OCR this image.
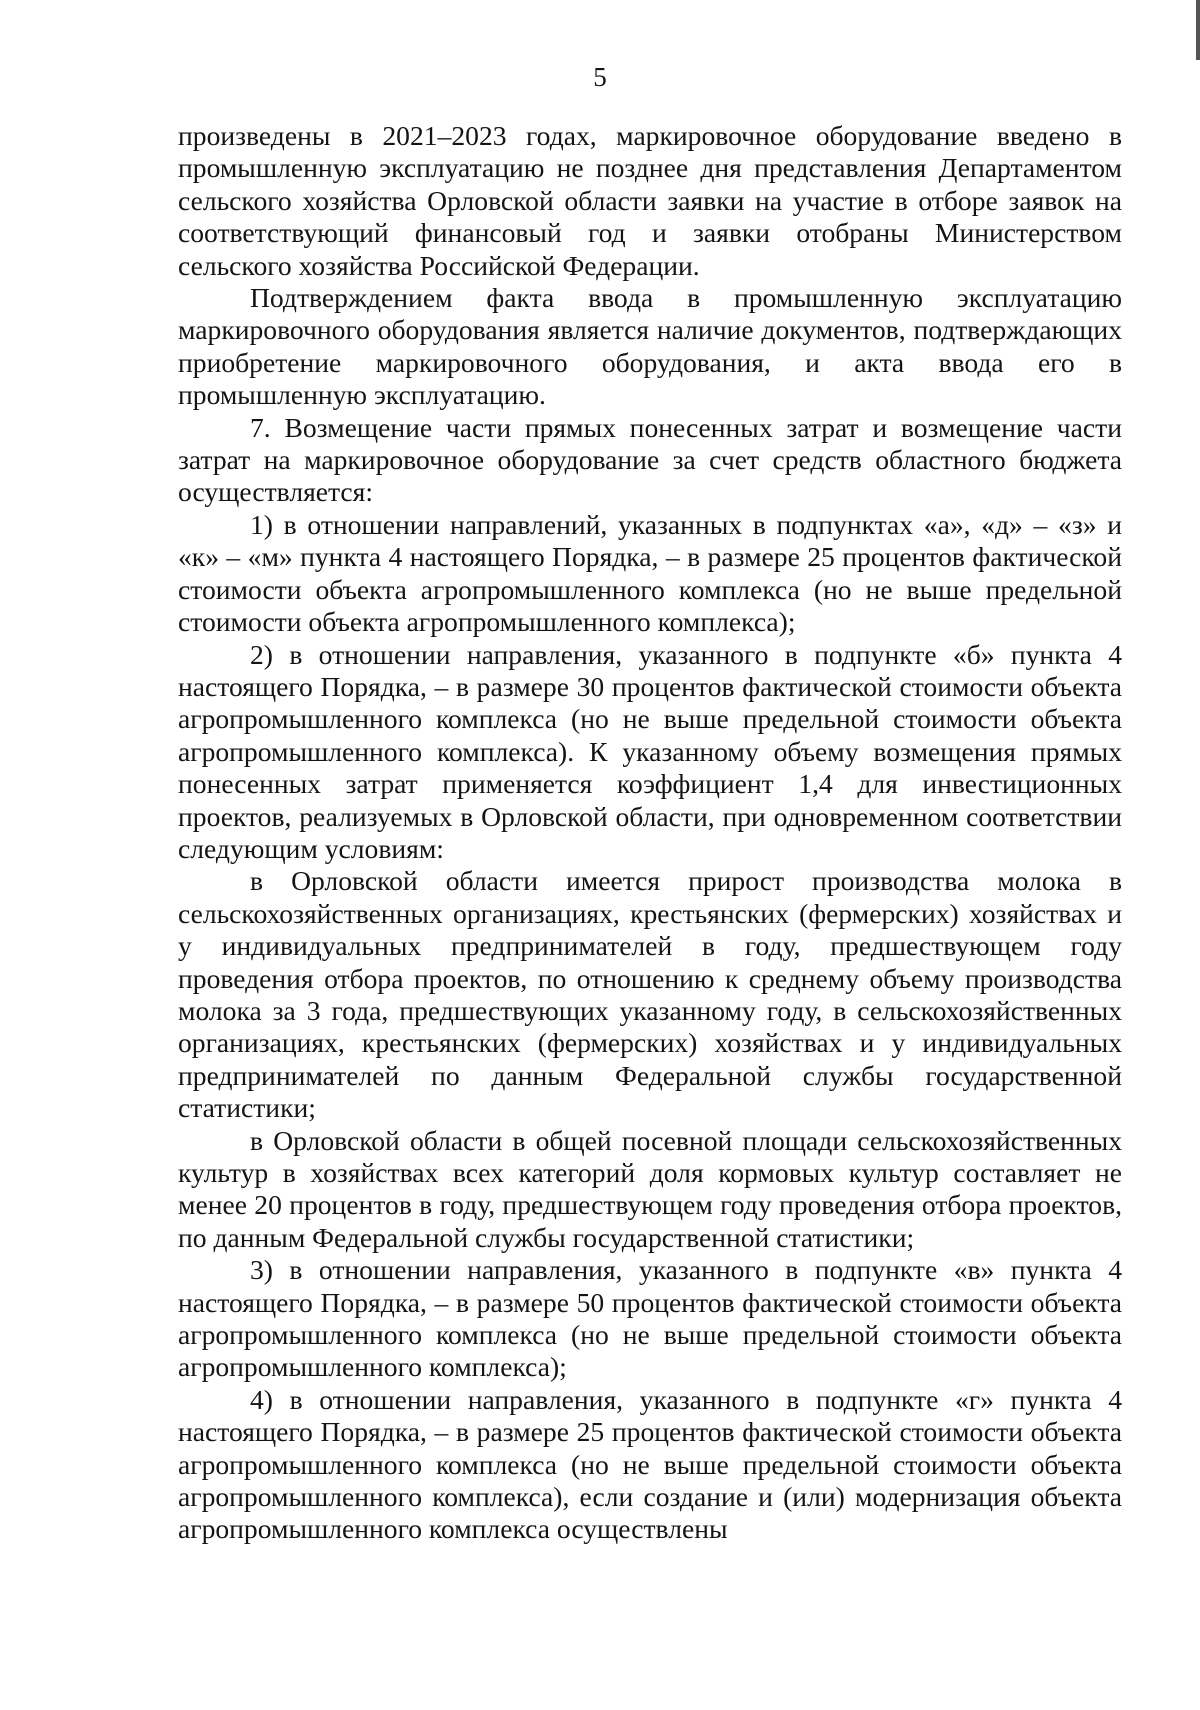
5

произведены в 2021–2023 годах, маркировочное оборудование введено в промышленную эксплуатацию не позднее дня представления Департаментом сельского хозяйства Орловской области заявки на участие в отборе заявок на соответствующий финансовый год и заявки отобраны Министерством сельского хозяйства Российской Федерации.

Подтверждением факта ввода в промышленную эксплуатацию маркировочного оборудования является наличие документов, подтверждающих приобретение маркировочного оборудования, и акта ввода его в промышленную эксплуатацию.

7. Возмещение части прямых понесенных затрат и возмещение части затрат на маркировочное оборудование за счет средств областного бюджета осуществляется:

1) в отношении направлений, указанных в подпунктах «а», «д» – «з» и «к» – «м» пункта 4 настоящего Порядка, – в размере 25 процентов фактической стоимости объекта агропромышленного комплекса (но не выше предельной стоимости объекта агропромышленного комплекса);

2) в отношении направления, указанного в подпункте «б» пункта 4 настоящего Порядка, – в размере 30 процентов фактической стоимости объекта агропромышленного комплекса (но не выше предельной стоимости объекта агропромышленного комплекса). К указанному объему возмещения прямых понесенных затрат применяется коэффициент 1,4 для инвестиционных проектов, реализуемых в Орловской области, при одновременном соответствии следующим условиям:

в Орловской области имеется прирост производства молока в сельскохозяйственных организациях, крестьянских (фермерских) хозяйствах и у индивидуальных предпринимателей в году, предшествующем году проведения отбора проектов, по отношению к среднему объему производства молока за 3 года, предшествующих указанному году, в сельскохозяйственных организациях, крестьянских (фермерских) хозяйствах и у индивидуальных предпринимателей по данным Федеральной службы государственной статистики;

в Орловской области в общей посевной площади сельскохозяйственных культур в хозяйствах всех категорий доля кормовых культур составляет не менее 20 процентов в году, предшествующем году проведения отбора проектов, по данным Федеральной службы государственной статистики;

3) в отношении направления, указанного в подпункте «в» пункта 4 настоящего Порядка, – в размере 50 процентов фактической стоимости объекта агропромышленного комплекса (но не выше предельной стоимости объекта агропромышленного комплекса);

4) в отношении направления, указанного в подпункте «г» пункта 4 настоящего Порядка, – в размере 25 процентов фактической стоимости объекта агропромышленного комплекса (но не выше предельной стоимости объекта агропромышленного комплекса), если создание и (или) модернизация объекта агропромышленного комплекса осуществлены
